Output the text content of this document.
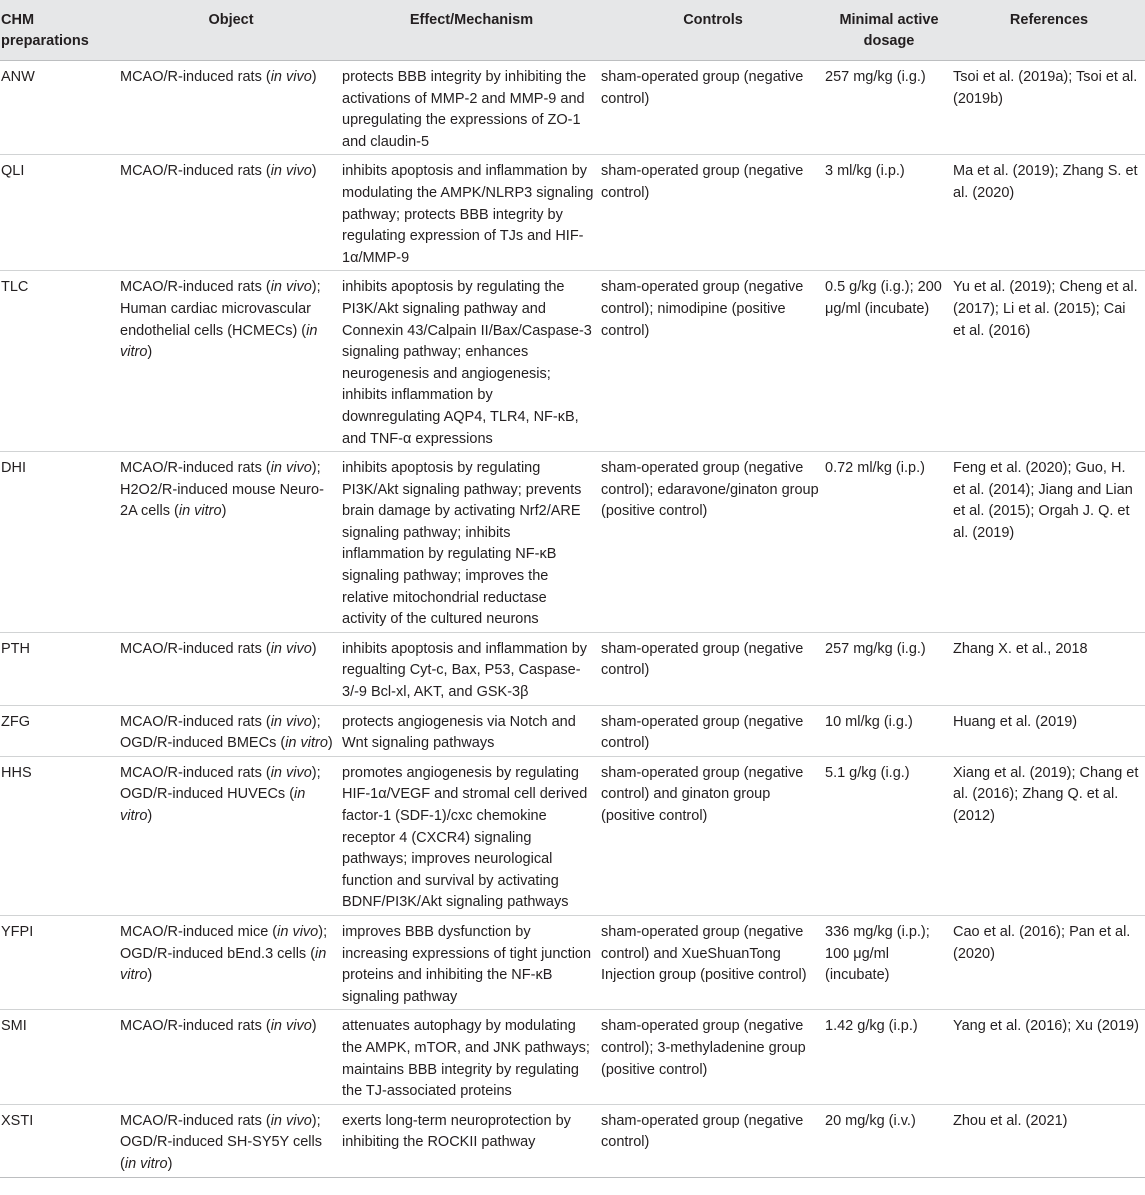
CHM preparations	Object	Effect/Mechanism	Controls	Minimal active dosage	References
ANW	MCAO/R-induced rats (in vivo)	protects BBB integrity by inhibiting the activations of MMP-2 and MMP-9 and upregulating the expressions of ZO-1 and claudin-5	sham-operated group (negative control)	257 mg/kg (i.g.)	Tsoi et al. (2019a); Tsoi et al. (2019b)
QLI	MCAO/R-induced rats (in vivo)	inhibits apoptosis and inflammation by modulating the AMPK/NLRP3 signaling pathway; protects BBB integrity by regulating expression of TJs and HIF-1α/MMP-9	sham-operated group (negative control)	3 ml/kg (i.p.)	Ma et al. (2019); Zhang S. et al. (2020)
TLC	MCAO/R-induced rats (in vivo); Human cardiac microvascular endothelial cells (HCMECs) (in vitro)	inhibits apoptosis by regulating the PI3K/Akt signaling pathway and Connexin 43/Calpain II/Bax/Caspase-3 signaling pathway; enhances neurogenesis and angiogenesis; inhibits inflammation by downregulating AQP4, TLR4, NF-κB, and TNF-α expressions	sham-operated group (negative control); nimodipine (positive control)	0.5 g/kg (i.g.); 200 μg/ml (incubate)	Yu et al. (2019); Cheng et al. (2017); Li et al. (2015); Cai et al. (2016)
DHI	MCAO/R-induced rats (in vivo); H2O2/R-induced mouse Neuro-2A cells (in vitro)	inhibits apoptosis by regulating PI3K/Akt signaling pathway; prevents brain damage by activating Nrf2/ARE signaling pathway; inhibits inflammation by regulating NF-κB signaling pathway; improves the relative mitochondrial reductase activity of the cultured neurons	sham-operated group (negative control); edaravone/ginaton group (positive control)	0.72 ml/kg (i.p.)	Feng et al. (2020); Guo, H. et al. (2014); Jiang and Lian et al. (2015); Orgah J. Q. et al. (2019)
PTH	MCAO/R-induced rats (in vivo)	inhibits apoptosis and inflammation by regualting Cyt-c, Bax, P53, Caspase-3/-9 Bcl-xl, AKT, and GSK-3β	sham-operated group (negative control)	257 mg/kg (i.g.)	Zhang X. et al., 2018
ZFG	MCAO/R-induced rats (in vivo); OGD/R-induced BMECs (in vitro)	protects angiogenesis via Notch and Wnt signaling pathways	sham-operated group (negative control)	10 ml/kg (i.g.)	Huang et al. (2019)
HHS	MCAO/R-induced rats (in vivo); OGD/R-induced HUVECs (in vitro)	promotes angiogenesis by regulating HIF-1α/VEGF and stromal cell derived factor-1 (SDF-1)/cxc chemokine receptor 4 (CXCR4) signaling pathways; improves neurological function and survival by activating BDNF/PI3K/Akt signaling pathways	sham-operated group (negative control) and ginaton group (positive control)	5.1 g/kg (i.g.)	Xiang et al. (2019); Chang et al. (2016); Zhang Q. et al. (2012)
YFPI	MCAO/R-induced mice (in vivo); OGD/R-induced bEnd.3 cells (in vitro)	improves BBB dysfunction by increasing expressions of tight junction proteins and inhibiting the NF-κB signaling pathway	sham-operated group (negative control) and XueShuanTong Injection group (positive control)	336 mg/kg (i.p.); 100 μg/ml (incubate)	Cao et al. (2016); Pan et al. (2020)
SMI	MCAO/R-induced rats (in vivo)	attenuates autophagy by modulating the AMPK, mTOR, and JNK pathways; maintains BBB integrity by regulating the TJ-associated proteins	sham-operated group (negative control); 3-methyladenine group (positive control)	1.42 g/kg (i.p.)	Yang et al. (2016); Xu (2019)
XSTI	MCAO/R-induced rats (in vivo); OGD/R-induced SH-SY5Y cells (in vitro)	exerts long-term neuroprotection by inhibiting the ROCKII pathway	sham-operated group (negative control)	20 mg/kg (i.v.)	Zhou et al. (2021)
